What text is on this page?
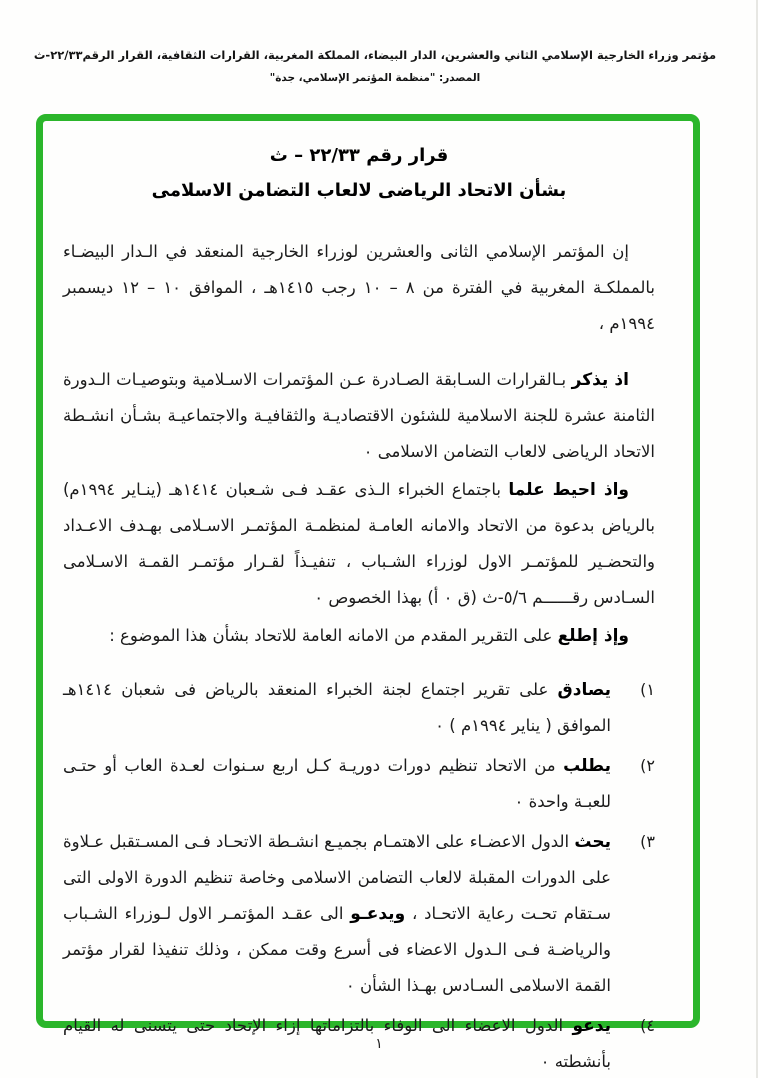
مؤتمر وزراء الخارجية الإسلامي الثاني والعشرين، الدار البيضاء، المملكة المغربية، القرارات الثقافية، القرار الرقم٢٢/٣٣-ث
المصدر: "منظمة المؤتمر الإسلامي، جدة"
قرار رقم ٢٢/٣٣ – ث
بشأن الاتحاد الرياضى لالعاب التضامن الاسلامى

إن المؤتمر الإسلامي الثانى والعشرين لوزراء الخارجية المنعقد في الـدار البيضـاء بالمملكـة المغربية في الفترة من ٨ – ١٠ رجب ١٤١٥هـ ، الموافق ١٠ – ١٢ ديسمبر ١٩٩٤م ،

اذ يذكر بـالقرارات السـابقة الصـادرة عـن المؤتمرات الاسـلامية وبتوصيـات الـدورة الثامنة عشرة للجنة الاسلامية للشئون الاقتصاديـة والثقافيـة والاجتماعيـة بشـأن انشـطة الاتحاد الرياضى لالعاب التضامن الاسلامى ٠

واذ احيط علما باجتماع الخبراء الـذى عقـد فـى شـعبان ١٤١٤هـ (ينـاير ١٩٩٤م) بالرياض بدعوة من الاتحاد والامانه العامـة لمنظمـة المؤتمـر الاسـلامى بهـدف الاعـداد والتحضـير للمؤتمـر الاول لوزراء الشـباب ، تنفيـذاً لقـرار مؤتمـر القمـة الاسـلامى السـادس رقــــــم ٥/٦-ث (ق ٠ أ) بهذا الخصوص ٠

وإذ إطلع على التقرير المقدم من الامانه العامة للاتحاد بشأن هذا الموضوع :

١)
يصادق على تقرير اجتماع لجنة الخبراء المنعقد بالرياض فى شعبان ١٤١٤هـ الموافق ( يناير ١٩٩٤م ) ٠
٢)
يطلب من الاتحاد تنظيم دورات دوريـة كـل اربع سـنوات لعـدة العاب أو حتـى للعبـة واحدة ٠
٣)
يحث الدول الاعضـاء على الاهتمـام بجميـع انشـطة الاتحـاد فـى المسـتقبل عـلاوة على الدورات المقبلة لالعاب التضامن الاسلامى وخاصة تنظيم الدورة الاولى التى سـتقام تحـت رعاية الاتحـاد ، ويدعـو الى عقـد المؤتمـر الاول لـوزراء الشـباب والرياضـة فـى الـدول الاعضاء فى أسرع وقت ممكن ، وذلك تنفيذا لقرار مؤتمر القمة الاسلامى السـادس بهـذا الشأن ٠
٤)
يدعو الدول الاعضاء الى الوفاء بالتزاماتها إزاء الإتحاد حتى يتسنى له القيام بأنشطته ٠
١
